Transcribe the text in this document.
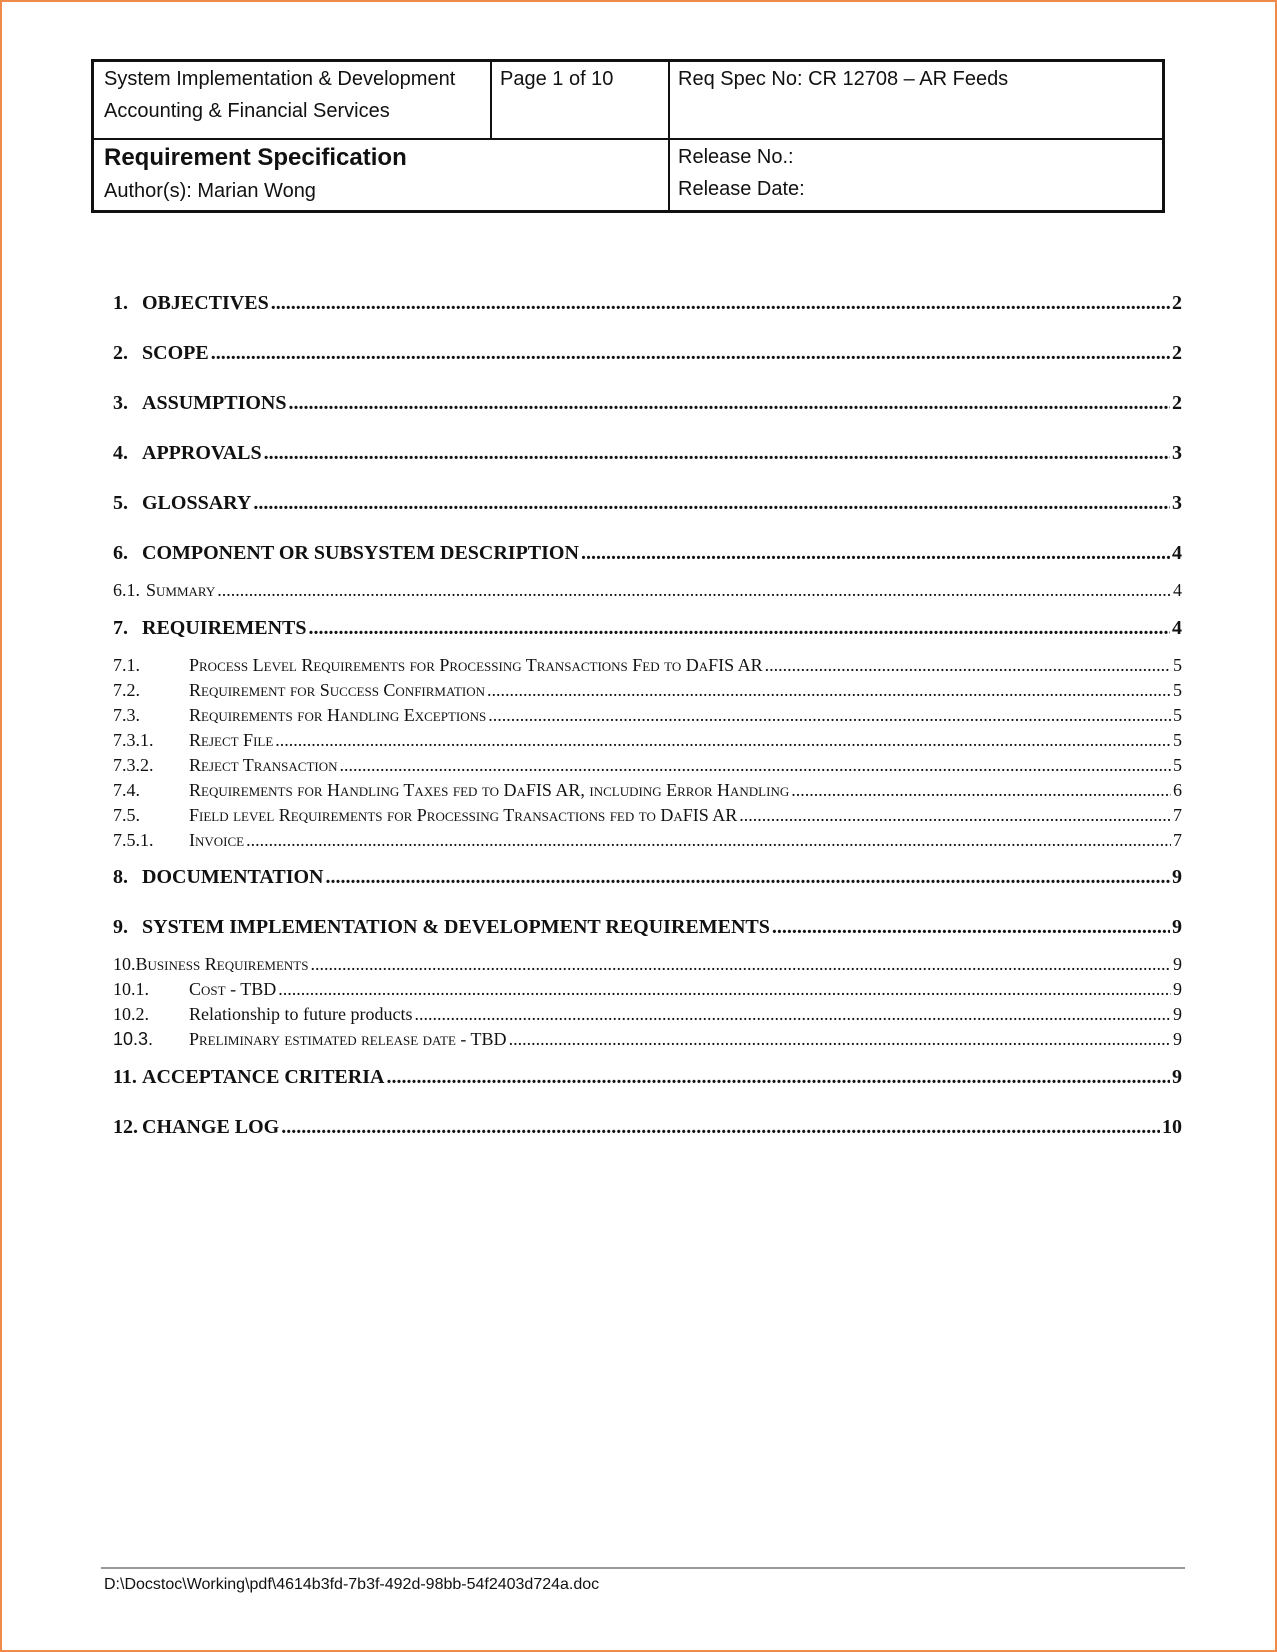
System Implementation & Development
Accounting & Financial Services
Page 1 of 10	Req Spec No: CR 12708 – AR Feeds
Requirement Specification
Author(s): Marian Wong
Release No.:
Release Date:
1. OBJECTIVES .....	2
2. SCOPE .....	2
3. ASSUMPTIONS .....	2
4. APPROVALS .....	3
5. GLOSSARY .....	3
6. COMPONENT OR SUBSYSTEM DESCRIPTION .....	4
6.1. Summary .....	4
7. REQUIREMENTS .....	4
7.1.	Process Level Requirements for Processing Transactions Fed to DaFIS AR .....	5
7.2.	Requirement for Success Confirmation .....	5
7.3.	Requirements for Handling Exceptions .....	5
7.3.1.	Reject File .....	5
7.3.2.	Reject Transaction .....	5
7.4.	Requirements for Handling Taxes fed to DaFIS AR, including Error Handling .....	6
7.5.	Field level Requirements for Processing Transactions fed to DaFIS AR .....	7
7.5.1.	Invoice .....	7
8. DOCUMENTATION .....	9
9. SYSTEM IMPLEMENTATION & DEVELOPMENT REQUIREMENTS .....	9
10. Business Requirements .....	9
10.1.	Cost - TBD .....	9
10.2.	Relationship to future products .....	9
10.3.	Preliminary estimated release date - TBD .....	9
11. ACCEPTANCE CRITERIA .....	9
12. CHANGE LOG .....	10
D:\Docstoc\Working\pdf\4614b3fd-7b3f-492d-98bb-54f2403d724a.doc
